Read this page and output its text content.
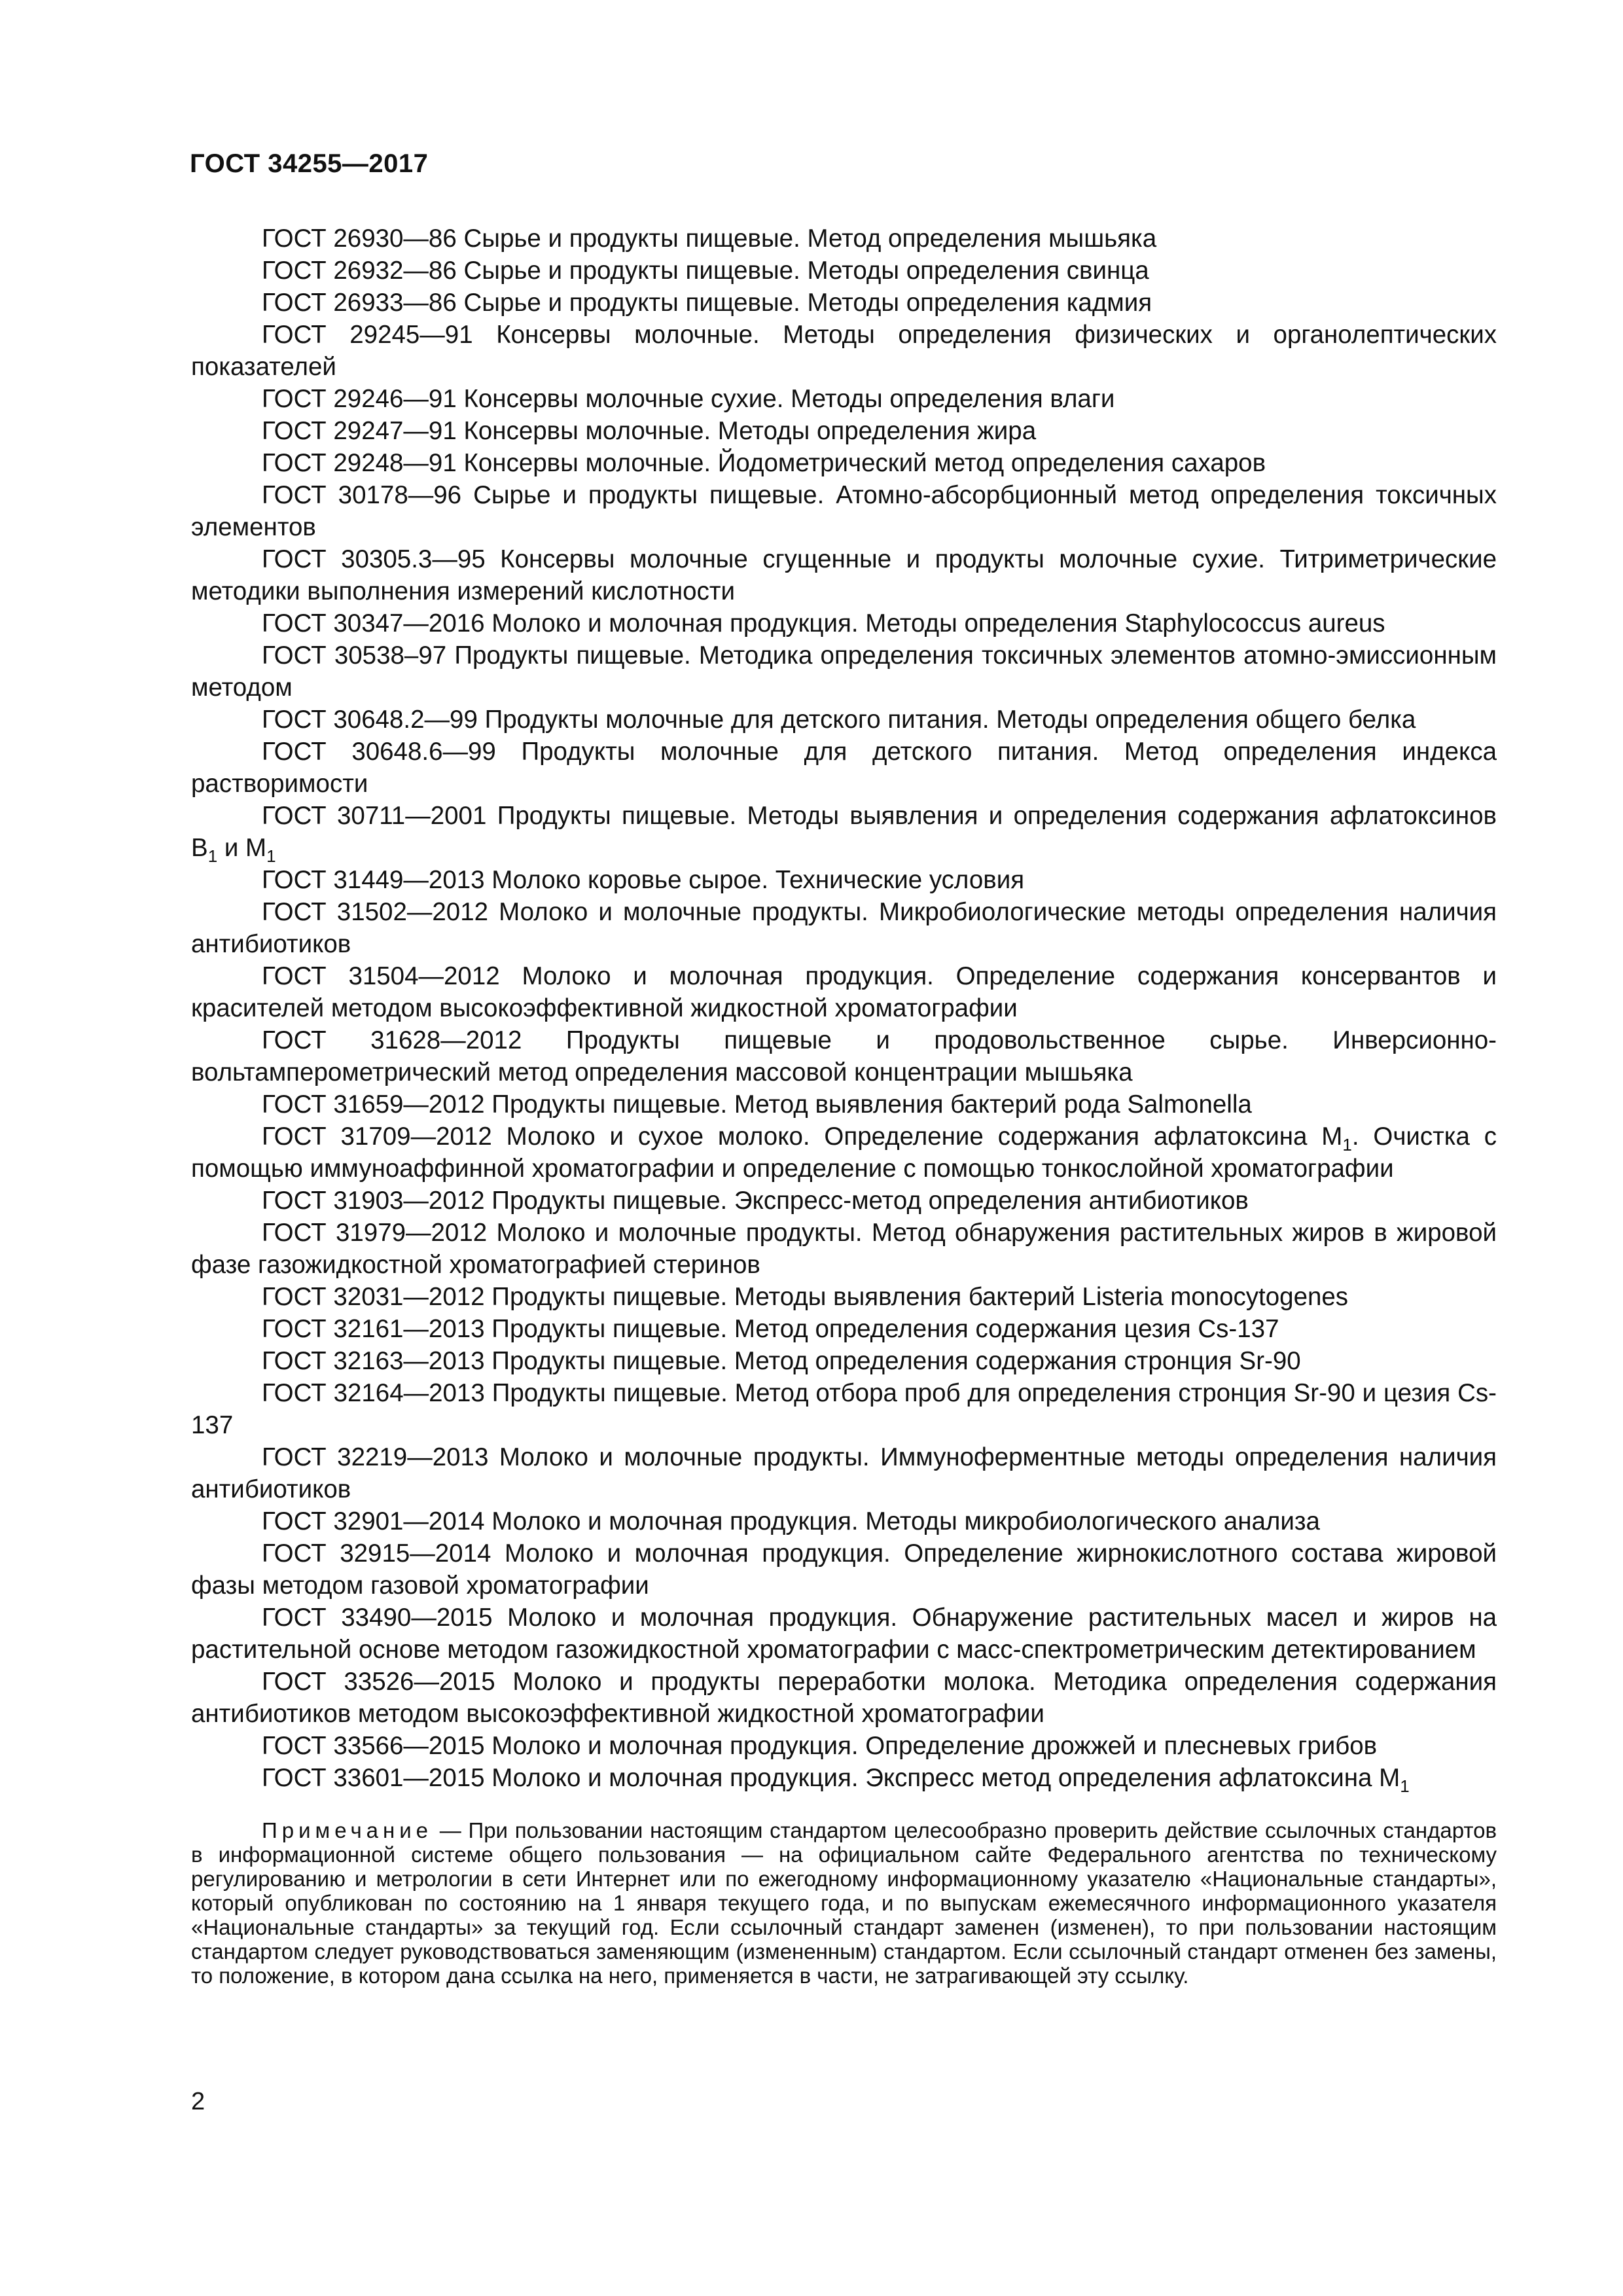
ГОСТ 34255—2017

ГОСТ 26930—86 Сырье и продукты пищевые. Метод определения мышьяка

ГОСТ 26932—86 Сырье и продукты пищевые. Методы определения свинца

ГОСТ 26933—86 Сырье и продукты пищевые. Методы определения кадмия

ГОСТ 29245—91 Консервы молочные. Методы определения физических и органолептических показателей

ГОСТ 29246—91 Консервы молочные сухие. Методы определения влаги

ГОСТ 29247—91 Консервы молочные. Методы определения жира

ГОСТ 29248—91 Консервы молочные. Йодометрический метод определения сахаров

ГОСТ 30178—96 Сырье и продукты пищевые. Атомно-абсорбционный метод определения токсичных элементов

ГОСТ 30305.3—95 Консервы молочные сгущенные и продукты молочные сухие. Титриметрические методики выполнения измерений кислотности

ГОСТ 30347—2016 Молоко и молочная продукция. Методы определения Staphylococcus aureus

ГОСТ 30538–97 Продукты пищевые. Методика определения токсичных элементов атомно-эмиссионным методом

ГОСТ 30648.2—99 Продукты молочные для детского питания. Методы определения общего белка

ГОСТ 30648.6—99 Продукты молочные для детского питания. Метод определения индекса растворимости

ГОСТ 30711—2001 Продукты пищевые. Методы выявления и определения содержания афлатоксинов $B_1$ и $M_1$

ГОСТ 31449—2013 Молоко коровье сырое. Технические условия

ГОСТ 31502—2012 Молоко и молочные продукты. Микробиологические методы определения наличия антибиотиков

ГОСТ 31504—2012 Молоко и молочная продукция. Определение содержания консервантов и красителей методом высокоэффективной жидкостной хроматографии

ГОСТ 31628—2012 Продукты пищевые и продовольственное сырье. Инверсионно-вольтамперометрический метод определения массовой концентрации мышьяка

ГОСТ 31659—2012 Продукты пищевые. Метод выявления бактерий рода Salmonella

ГОСТ 31709—2012 Молоко и сухое молоко. Определение содержания афлатоксина $M_1$. Очистка с помощью иммуноаффинной хроматографии и определение с помощью тонкослойной хроматографии

ГОСТ 31903—2012 Продукты пищевые. Экспресс-метод определения антибиотиков

ГОСТ 31979—2012 Молоко и молочные продукты. Метод обнаружения растительных жиров в жировой фазе газожидкостной хроматографией стеринов

ГОСТ 32031—2012 Продукты пищевые. Методы выявления бактерий Listeria monocytogenes

ГОСТ 32161—2013 Продукты пищевые. Метод определения содержания цезия Cs-137

ГОСТ 32163—2013 Продукты пищевые. Метод определения содержания стронция Sr-90

ГОСТ 32164—2013 Продукты пищевые. Метод отбора проб для определения стронция Sr-90 и цезия Cs-137

ГОСТ 32219—2013 Молоко и молочные продукты. Иммуноферментные методы определения наличия антибиотиков

ГОСТ 32901—2014 Молоко и молочная продукция. Методы микробиологического анализа

ГОСТ 32915—2014 Молоко и молочная продукция. Определение жирнокислотного состава жировой фазы методом газовой хроматографии

ГОСТ 33490—2015 Молоко и молочная продукция. Обнаружение растительных масел и жиров на растительной основе методом газожидкостной хроматографии с масс-спектрометрическим детектированием

ГОСТ 33526—2015 Молоко и продукты переработки молока. Методика определения содержания антибиотиков методом высокоэффективной жидкостной хроматографии

ГОСТ 33566—2015 Молоко и молочная продукция. Определение дрожжей и плесневых грибов

ГОСТ 33601—2015 Молоко и молочная продукция. Экспресс метод определения афлатоксина $M_1$

Примечание — При пользовании настоящим стандартом целесообразно проверить действие ссылочных стандартов в информационной системе общего пользования — на официальном сайте Федерального агентства по техническому регулированию и метрологии в сети Интернет или по ежегодному информационному указателю «Национальные стандарты», который опубликован по состоянию на 1 января текущего года, и по выпускам ежемесячного информационного указателя «Национальные стандарты» за текущий год. Если ссылочный стандарт заменен (изменен), то при пользовании настоящим стандартом следует руководствоваться заменяющим (измененным) стандартом. Если ссылочный стандарт отменен без замены, то положение, в котором дана ссылка на него, применяется в части, не затрагивающей эту ссылку.

2
